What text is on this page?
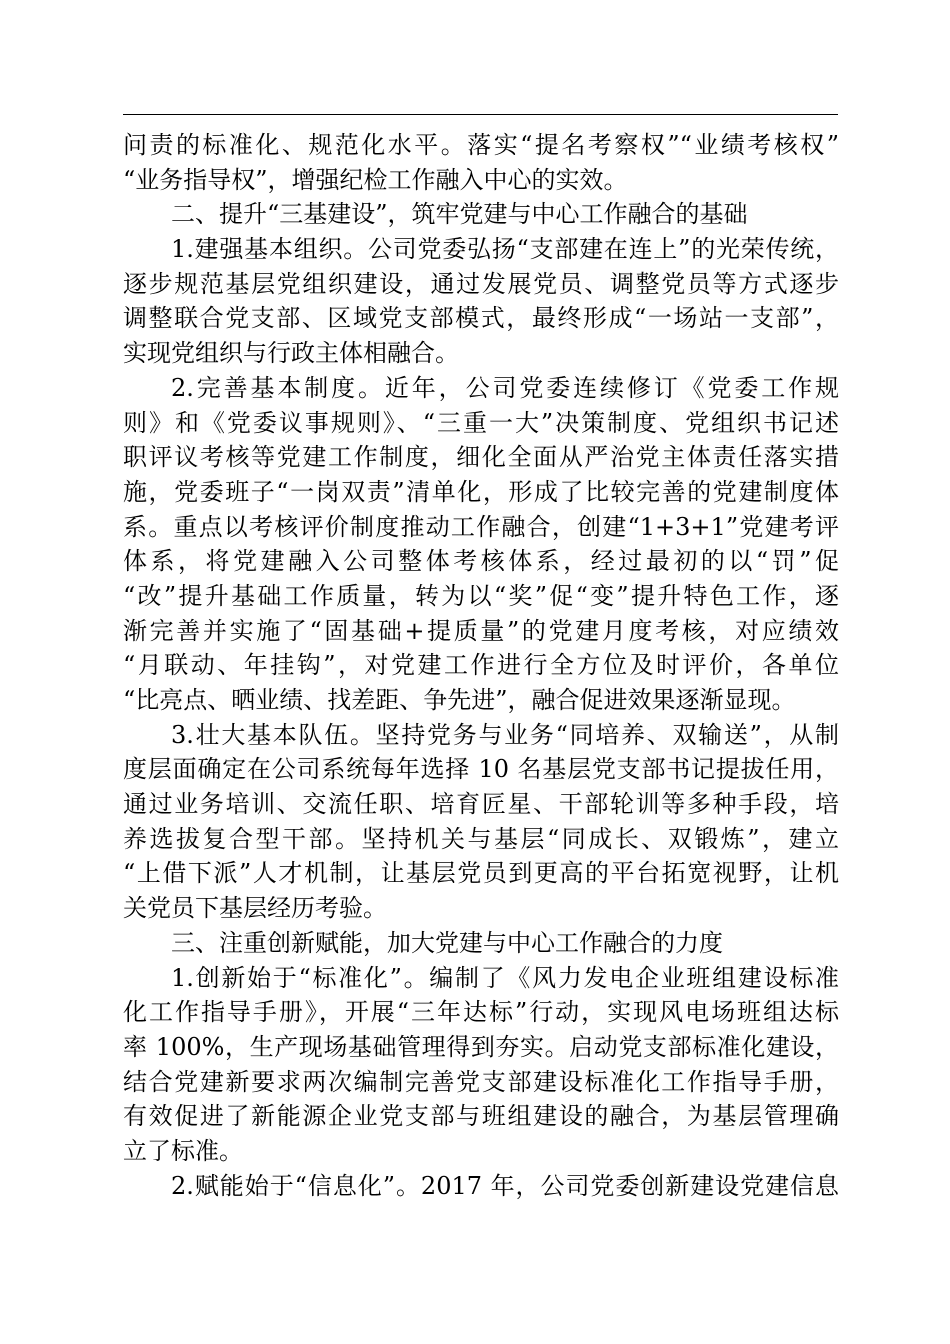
问责的标准化、规范化水平。落实“提名考察权”“业绩考核权”
“业务指导权”，增强纪检工作融入中心的实效。
二、提升“三基建设”，筑牢党建与中心工作融合的基础
1.建强基本组织。公司党委弘扬“支部建在连上”的光荣传统，
逐步规范基层党组织建设，通过发展党员、调整党员等方式逐步
调整联合党支部、区域党支部模式，最终形成“一场站一支部”，
实现党组织与行政主体相融合。
2.完善基本制度。近年，公司党委连续修订《党委工作规
则》和《党委议事规则》、“三重一大”决策制度、党组织书记述
职评议考核等党建工作制度，细化全面从严治党主体责任落实措
施，党委班子“一岗双责”清单化，形成了比较完善的党建制度体
系。重点以考核评价制度推动工作融合，创建“1+3+1”党建考评
体系，将党建融入公司整体考核体系，经过最初的以“罚”促
“改”提升基础工作质量，转为以“奖”促“变”提升特色工作，逐
渐完善并实施了“固基础+提质量”的党建月度考核，对应绩效
“月联动、年挂钩”，对党建工作进行全方位及时评价，各单位
“比亮点、晒业绩、找差距、争先进”，融合促进效果逐渐显现。
3.壮大基本队伍。坚持党务与业务“同培养、双输送”，从制
度层面确定在公司系统每年选择 10 名基层党支部书记提拔任用，
通过业务培训、交流任职、培育匠星、干部轮训等多种手段，培
养选拔复合型干部。坚持机关与基层“同成长、双锻炼”，建立
“上借下派”人才机制，让基层党员到更高的平台拓宽视野，让机
关党员下基层经历考验。
三、注重创新赋能，加大党建与中心工作融合的力度
1.创新始于“标准化”。编制了《风力发电企业班组建设标准
化工作指导手册》，开展“三年达标”行动，实现风电场班组达标
率 100%，生产现场基础管理得到夯实。启动党支部标准化建设，
结合党建新要求两次编制完善党支部建设标准化工作指导手册，
有效促进了新能源企业党支部与班组建设的融合，为基层管理确
立了标准。
2.赋能始于“信息化”。2017 年，公司党委创新建设党建信息
